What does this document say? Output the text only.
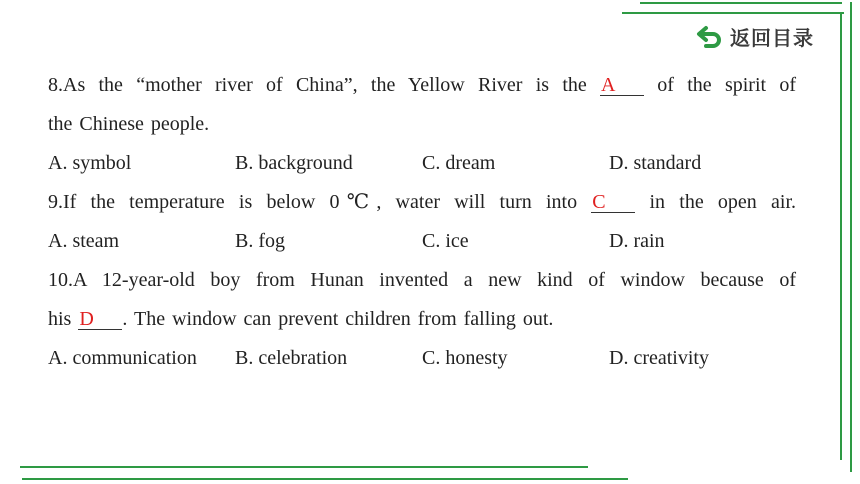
返回目录
8.As the “mother river of China”, the Yellow River is the A of the spirit of
the Chinese people.
A. symbol	B. background	C. dream	D. standard
9.If the temperature is below 0℃, water will turn into C in the open air.
A. steam	B. fog	C. ice	D. rain
10.A 12-year-old boy from Hunan invented a new kind of window because of
his D . The window can prevent children from falling out.
A. communication	B. celebration	C. honesty	D. creativity
